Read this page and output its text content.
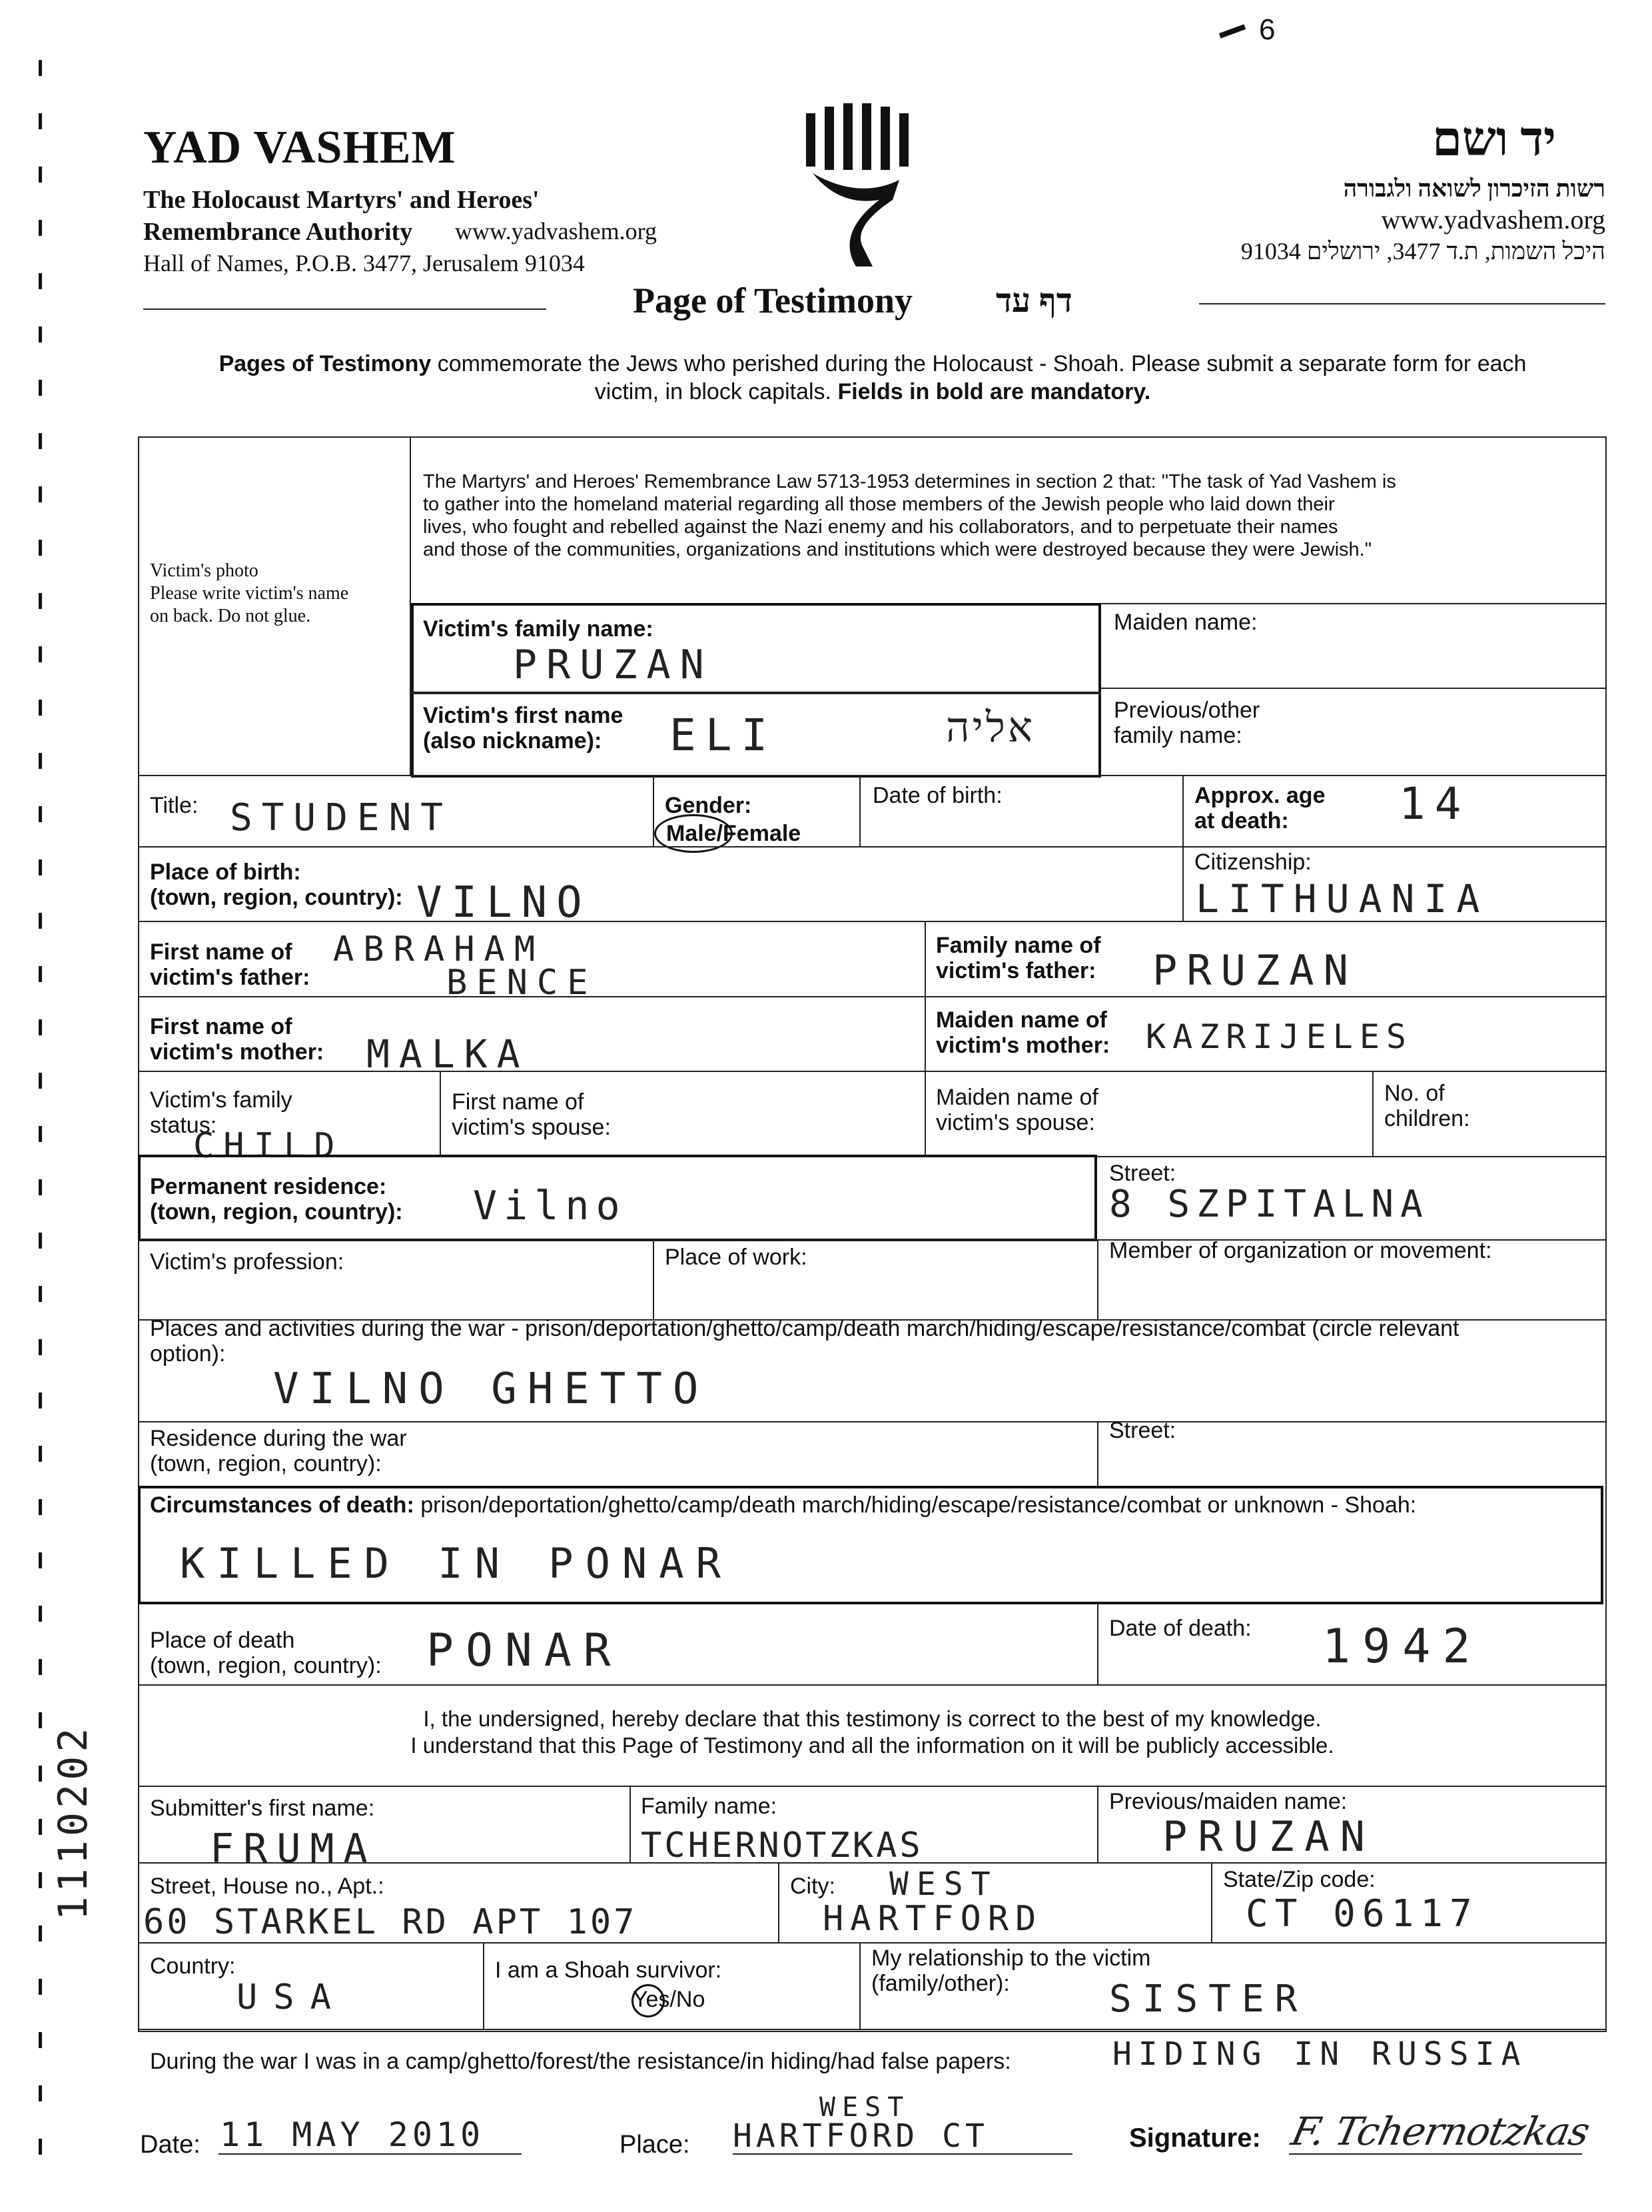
6
YAD VASHEM
The Holocaust Martyrs' and Heroes'
Remembrance Authority www.yadvashem.org
Hall of Names, P.O.B. 3477, Jerusalem 91034
יד ושם
רשות הזיכרון לשואה ולגבורה
www.yadvashem.org
היכל השמות, ת.ד 3477, ירושלים 91034
Page of Testimony דף עד
Pages of Testimony commemorate the Jews who perished during the Holocaust - Shoah. Please submit a separate form for each
victim, in block capitals. Fields in bold are mandatory.
Victim's photo
Please write victim's name
on back. Do not glue.
The Martyrs' and Heroes' Remembrance Law 5713-1953 determines in section 2 that: "The task of Yad Vashem is
to gather into the homeland material regarding all those members of the Jewish people who laid down their
lives, who fought and rebelled against the Nazi enemy and his collaborators, and to perpetuate their names
and those of the communities, organizations and institutions which were destroyed because they were Jewish."
Victim's family name:
PRUZAN
Victim's first name
(also nickname):	ELI	אליה
Maiden name:
Previous/other
family name:
Title: STUDENT	Gender:
Male/Female
Date of birth:	Approx. age
at death:	14
Place of birth:
(town, region, country): VILNO
Citizenship:
LITHUANIA
First name of
victim's father:
ABRAHAM
BENCE
Family name of
victim's father: PRUZAN
First name of
victim's mother: MALKA
Maiden name of
victim's mother: KAZRIJELES
Victim's family
status:
CHILD
First name of
victim's spouse:
Maiden name of
victim's spouse:
No. of
children:
Permanent residence:
(town, region, country): Vilno
Street:
8 SZPITALNA
Victim's profession:	Place of work:	Member of organization or movement:
Places and activities during the war - prison/deportation/ghetto/camp/death march/hiding/escape/resistance/combat (circle relevant
option):
VILNO GHETTO
Residence during the war
(town, region, country):
Street:
Circumstances of death: prison/deportation/ghetto/camp/death march/hiding/escape/resistance/combat or unknown - Shoah:
KILLED IN PONAR
Place of death
(town, region, country): PONAR	Date of death: 1942
I, the undersigned, hereby declare that this testimony is correct to the best of my knowledge.
I understand that this Page of Testimony and all the information on it will be publicly accessible.
Submitter's first name:
FRUMA
Family name:
TCHERNOTZKAS
Previous/maiden name:
PRUZAN
Street, House no., Apt.:
60 STARKEL RD APT 107
City: WEST
HARTFORD
State/Zip code:
CT 06117
Country:
USA
I am a Shoah survivor:
Yes/No
My relationship to the victim
(family/other):	SISTER
During the war I was in a camp/ghetto/forest/the resistance/in hiding/had false papers:	HIDING IN RUSSIA
Date: 11 MAY 2010	Place:
WEST
HARTFORD CT	Signature: F. Tchernotzkas
1110202
